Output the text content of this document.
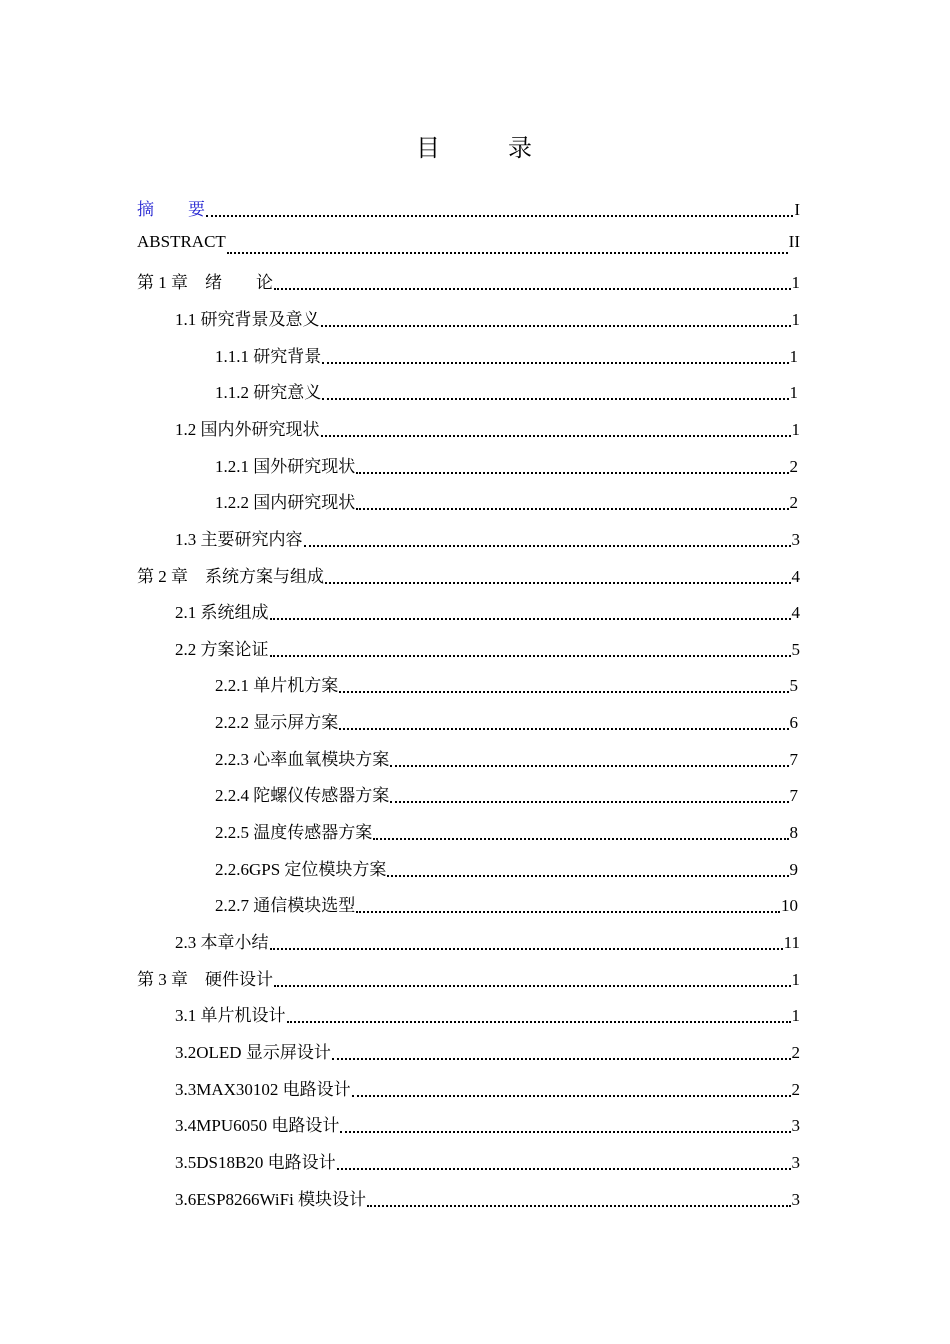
目　录
摘　　要	I
ABSTRACT	II
第 1 章　绪　　论	1
1.1 研究背景及意义	1
1.1.1 研究背景	1
1.1.2 研究意义	1
1.2 国内外研究现状	1
1.2.1 国外研究现状	2
1.2.2 国内研究现状	2
1.3 主要研究内容	3
第 2 章　系统方案与组成	4
2.1 系统组成	4
2.2 方案论证	5
2.2.1 单片机方案	5
2.2.2 显示屏方案	6
2.2.3 心率血氧模块方案	7
2.2.4 陀螺仪传感器方案	7
2.2.5 温度传感器方案	8
2.2.6GPS 定位模块方案	9
2.2.7 通信模块选型	10
2.3 本章小结	11
第 3 章　硬件设计	1
3.1 单片机设计	1
3.2OLED 显示屏设计	2
3.3MAX30102 电路设计	2
3.4MPU6050 电路设计	3
3.5DS18B20 电路设计	3
3.6ESP8266WiFi 模块设计	3
